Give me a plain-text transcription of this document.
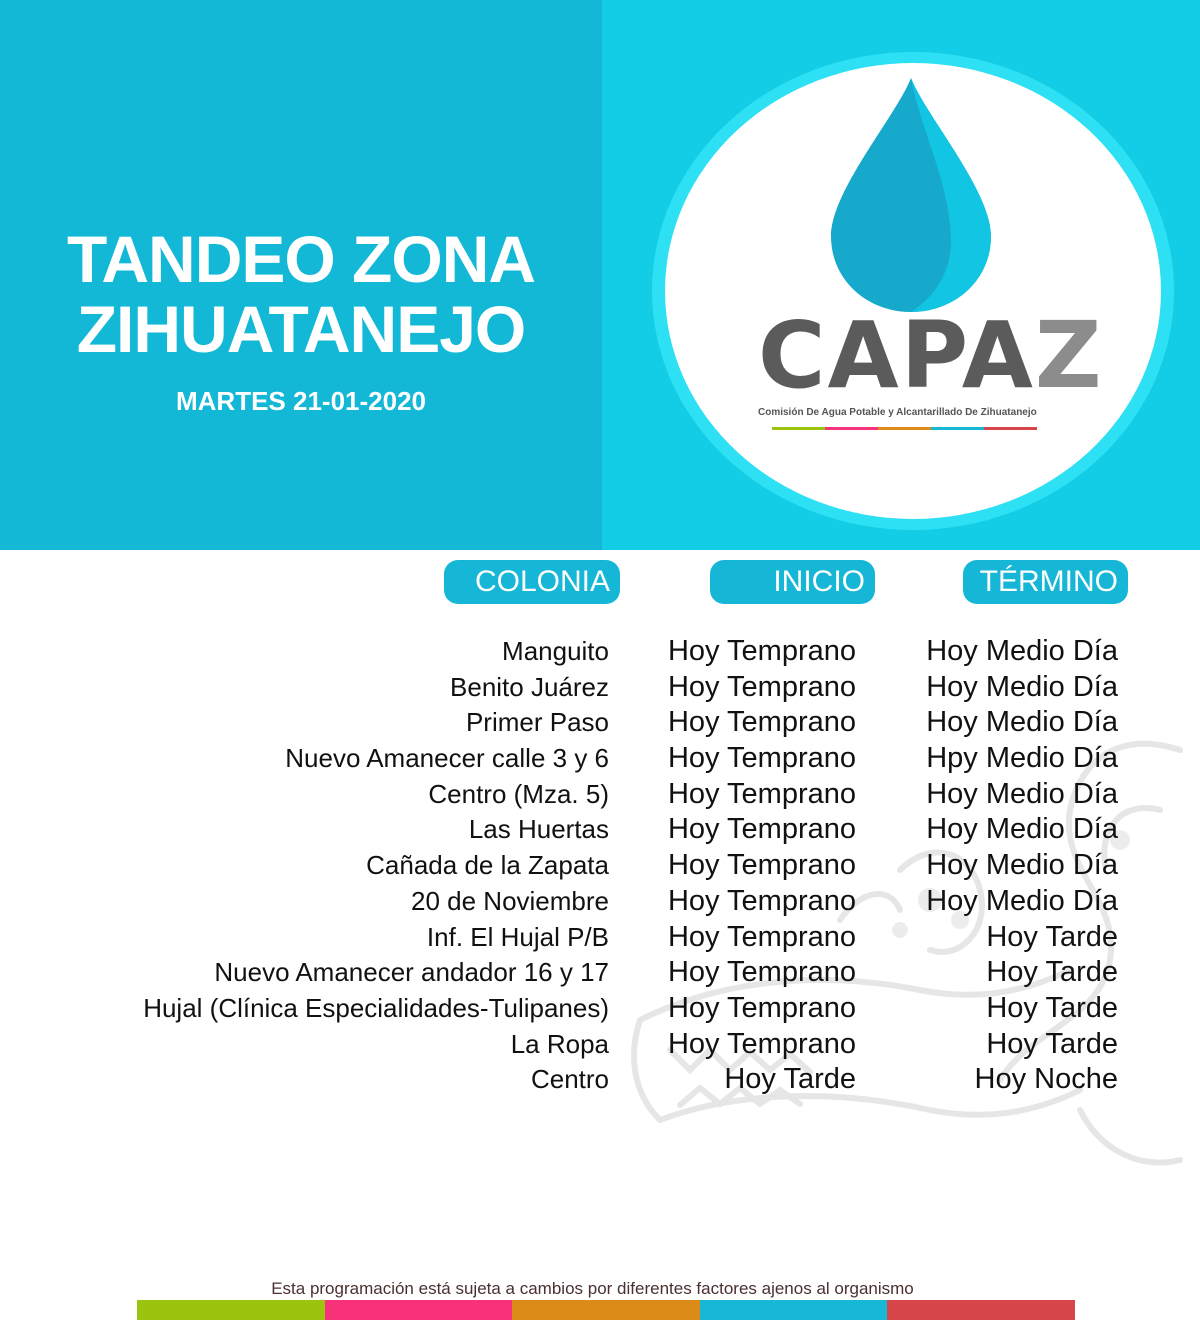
TANDEO ZONA
ZIHUATANEJO
MARTES 21-01-2020	CAPAZ
Comisión De Agua Potable y Alcantarillado De Zihuatanejo
COLONIA	INICIO	TÉRMINO
Manguito Hoy Temprano Hoy Medio Día
Benito Juárez Hoy Temprano Hoy Medio Día
Primer Paso Hoy Temprano Hoy Medio Día
Nuevo Amanecer calle 3 y 6 Hoy Temprano Hpy Medio Día
Centro (Mza. 5) Hoy Temprano Hoy Medio Día
Las Huertas Hoy Temprano Hoy Medio Día
Cañada de la Zapata Hoy Temprano Hoy Medio Día
20 de Noviembre Hoy Temprano Hoy Medio Día
Inf. El Hujal P/B Hoy Temprano	Hoy Tarde
Nuevo Amanecer andador 16 y 17 Hoy Temprano	Hoy Tarde
Hujal (Clínica Especialidades-Tulipanes) Hoy Temprano	Hoy Tarde
La Ropa Hoy Temprano	Hoy Tarde
Centro	Hoy Tarde	Hoy Noche
Esta programación está sujeta a cambios por diferentes factores ajenos al organismo
